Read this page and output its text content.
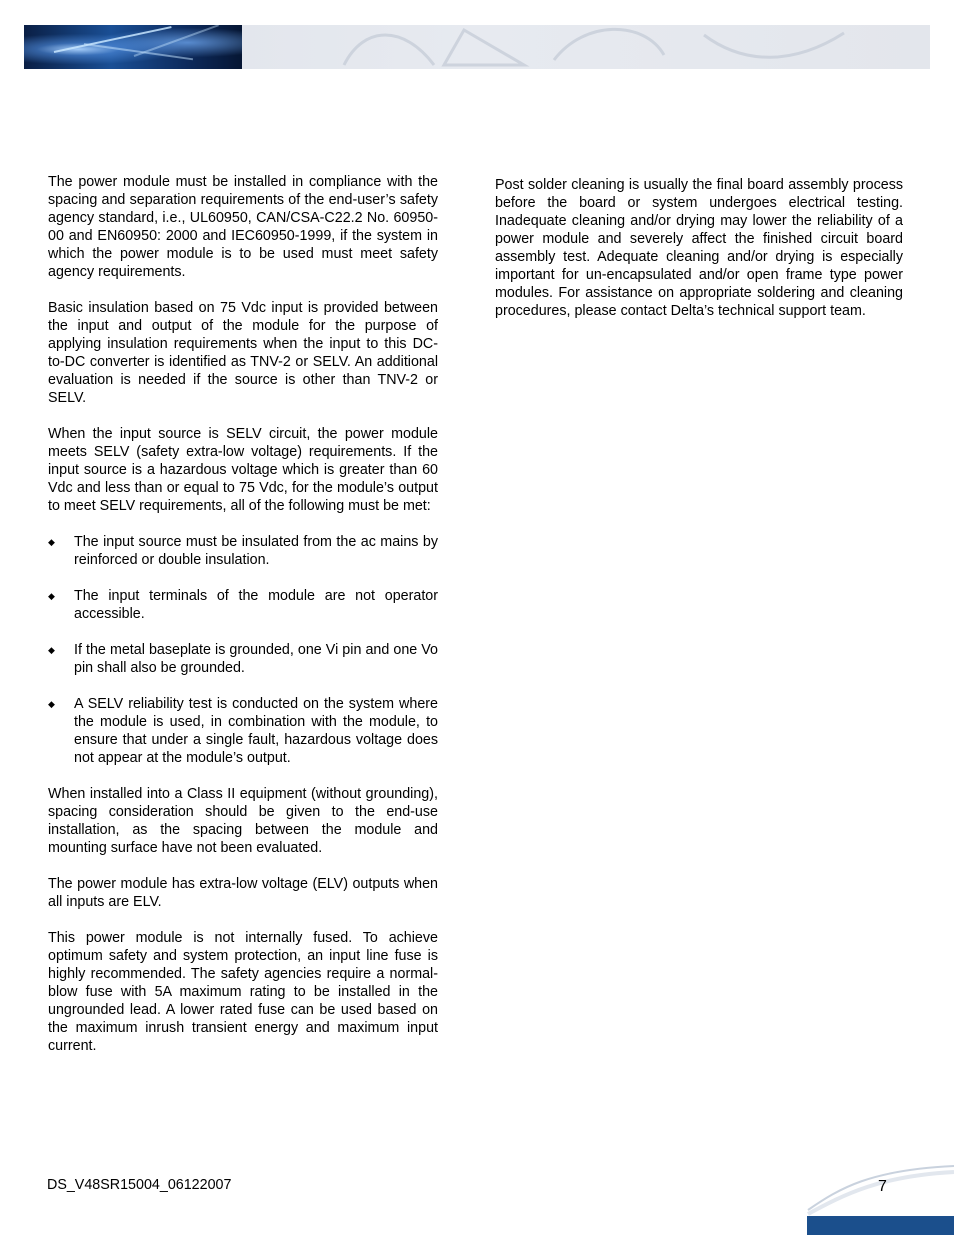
The power module must be installed in compliance with the spacing and separation requirements of the end-user’s safety agency standard, i.e., UL60950, CAN/CSA-C22.2 No. 60950-00 and EN60950: 2000 and IEC60950-1999, if the system in which the power module is to be used must meet safety agency requirements.

Basic insulation based on 75 Vdc input is provided between the input and output of the module for the purpose of applying insulation requirements when the input to this DC-to-DC converter is identified as TNV-2 or SELV. An additional evaluation is needed if the source is other than TNV-2 or SELV.

When the input source is SELV circuit, the power module meets SELV (safety extra-low voltage) requirements. If the input source is a hazardous voltage which is greater than 60 Vdc and less than or equal to 75 Vdc, for the module’s output to meet SELV requirements, all of the following must be met:

◆	The input source must be insulated from the ac mains by reinforced or double insulation.
◆	The input terminals of the module are not operator accessible.
◆	If the metal baseplate is grounded, one Vi pin and one Vo pin shall also be grounded.
◆	A SELV reliability test is conducted on the system where the module is used, in combination with the module, to ensure that under a single fault, hazardous voltage does not appear at the module’s output.

When installed into a Class II equipment (without grounding), spacing consideration should be given to the end-use installation, as the spacing between the module and mounting surface have not been evaluated.

The power module has extra-low voltage (ELV) outputs when all inputs are ELV.

This power module is not internally fused. To achieve optimum safety and system protection, an input line fuse is highly recommended. The safety agencies require a normal-blow fuse with 5A maximum rating to be installed in the ungrounded lead. A lower rated fuse can be used based on the maximum inrush transient energy and maximum input current.

Post solder cleaning is usually the final board assembly process before the board or system undergoes electrical testing. Inadequate cleaning and/or drying may lower the reliability of a power module and severely affect the finished circuit board assembly test. Adequate cleaning and/or drying is especially important for un-encapsulated and/or open frame type power modules. For assistance on appropriate soldering and cleaning procedures, please contact Delta’s technical support team.

DS_V48SR15004_06122007	7
